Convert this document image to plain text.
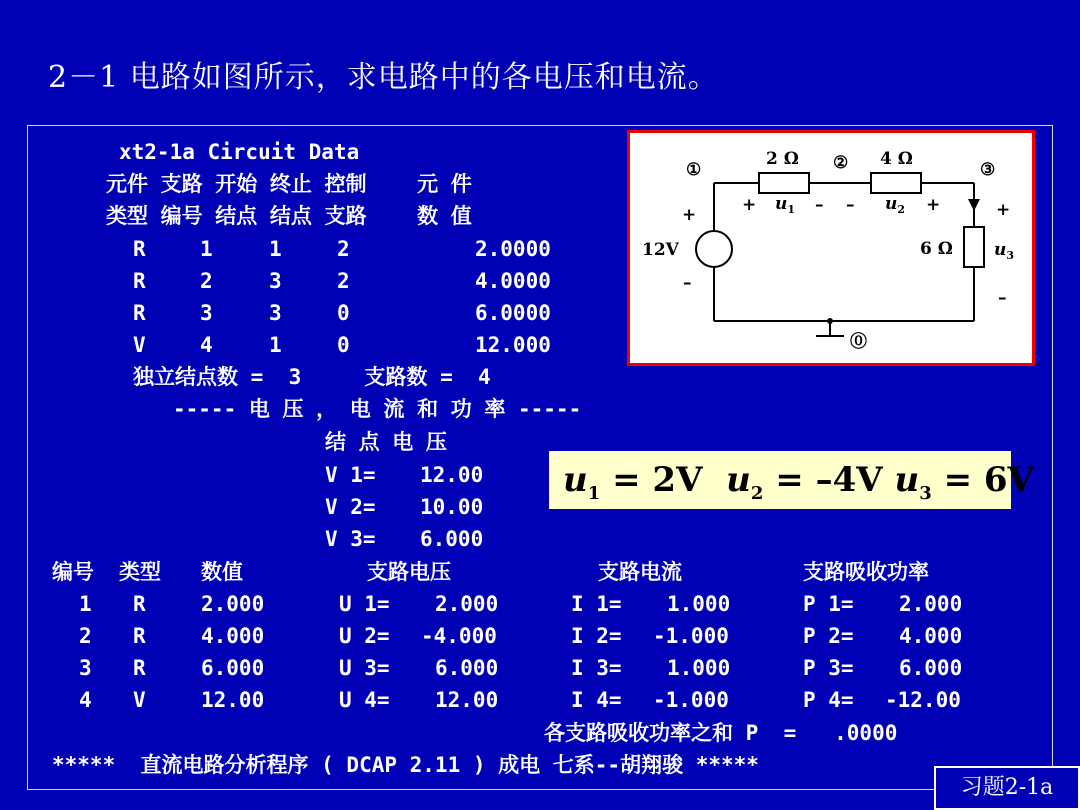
2－1 电路如图所示，求电路中的各电压和电流。
xt2-1a Circuit Data
元件 支路 开始 终止 控制    元 件
类型 编号 结点 结点 支路    数 值
R	1	1	2	2.0000
R	2	3	2	4.0000
R	3	3	0	6.0000
V	4	1	0	12.000
独立结点数 =  3     支路数 =  4
----- 电 压 ， 电 流 和 功 率 -----
结 点 电 压
V 1= 12.00
V 2= 10.00
V 3= 6.000
编号 类型 数值	支路电压	支路电流	支路吸收功率
1 R	2.000	U 1= 2.000	I 1= 1.000	P 1= 2.000
2 R	4.000	U 2= -4.000	I 2= -1.000	P 2= 4.000
3 R	6.000	U 3= 6.000	I 3= 1.000	P 3= 6.000
4 V	12.00	U 4= 12.00	I 4= -1.000	P 4= -12.00
各支路吸收功率之和 P  =   .0000
*****  直流电路分析程序 ( DCAP 2.11 ) 成电 七系--胡翔骏 *****
①	②	③
⓪
2 Ω	4 Ω
6 Ω
12V
+
–
+	– –	+	+
–
$u_1$	$u_2$
$u_3$
$u_1 = 2V$ $u_2 = -4V$ $u_3 = 6V$
习题2-1a
